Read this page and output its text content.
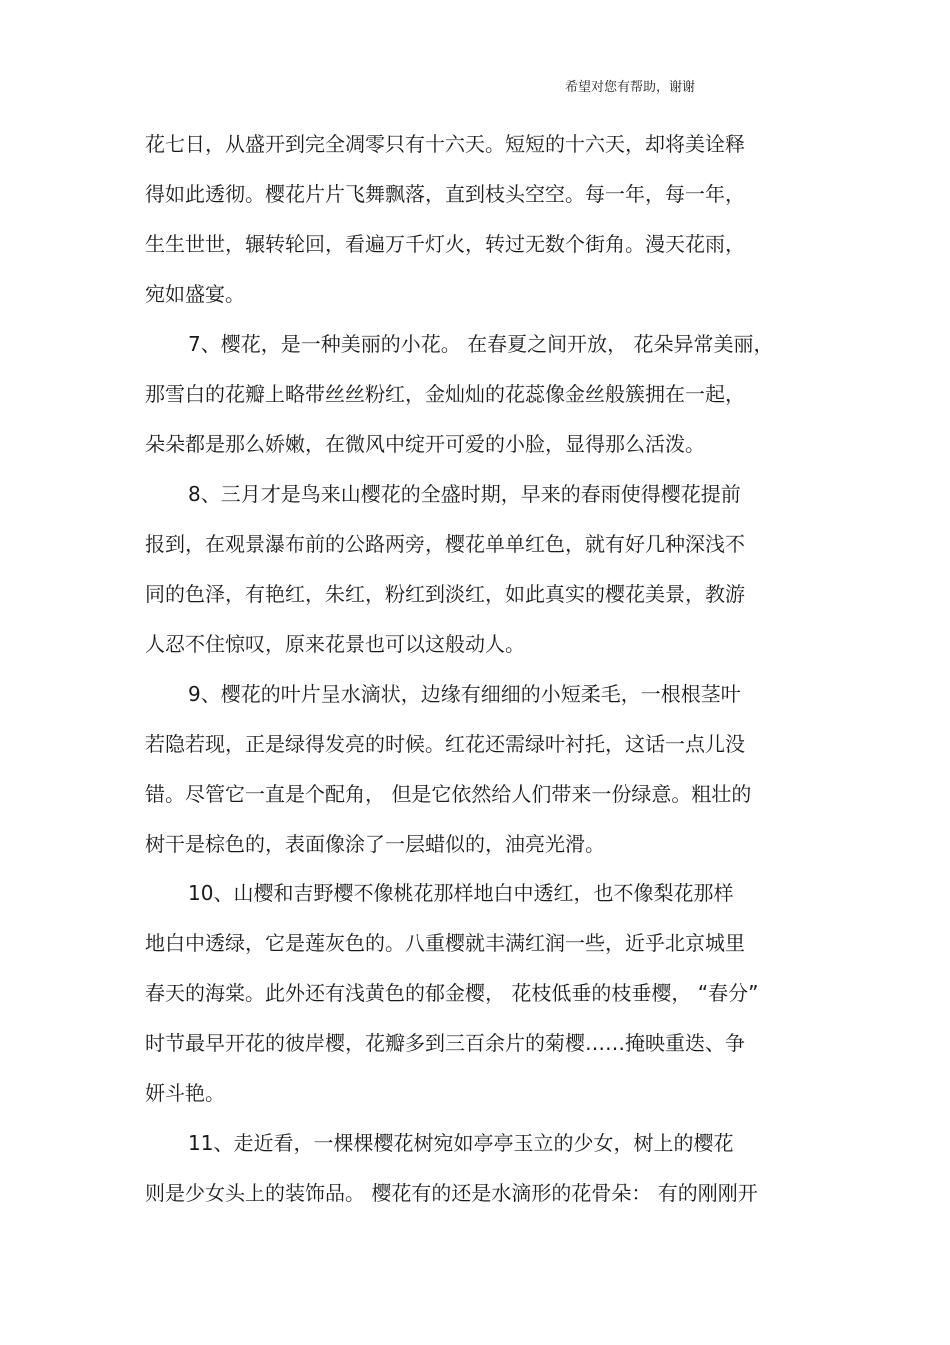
希望对您有帮助，谢谢
花七日，从盛开到完全凋零只有十六天。短短的十六天，却将美诠释
得如此透彻。樱花片片飞舞飘落，直到枝头空空。每一年，每一年，
生生世世，辗转轮回，看遍万千灯火，转过无数个街角。漫天花雨，
宛如盛宴。
7、樱花，是一种美丽的小花。 在春夏之间开放， 花朵异常美丽，
那雪白的花瓣上略带丝丝粉红，金灿灿的花蕊像金丝般簇拥在一起，
朵朵都是那么娇嫩，在微风中绽开可爱的小脸，显得那么活泼。
8、三月才是鸟来山樱花的全盛时期，早来的春雨使得樱花提前
报到，在观景瀑布前的公路两旁，樱花单单红色，就有好几种深浅不
同的色泽，有艳红，朱红，粉红到淡红，如此真实的樱花美景，教游
人忍不住惊叹，原来花景也可以这般动人。
9、樱花的叶片呈水滴状，边缘有细细的小短柔毛，一根根茎叶
若隐若现，正是绿得发亮的时候。红花还需绿叶衬托，这话一点儿没
错。尽管它一直是个配角， 但是它依然给人们带来一份绿意。粗壮的
树干是棕色的，表面像涂了一层蜡似的，油亮光滑。
10、山樱和吉野樱不像桃花那样地白中透红，也不像梨花那样
地白中透绿，它是莲灰色的。八重樱就丰满红润一些，近乎北京城里
春天的海棠。此外还有浅黄色的郁金樱， 花枝低垂的枝垂樱， “春分”
时节最早开花的彼岸樱，花瓣多到三百余片的菊樱……掩映重迭、争
妍斗艳。
11、走近看，一棵棵樱花树宛如亭亭玉立的少女，树上的樱花
则是少女头上的装饰品。 樱花有的还是水滴形的花骨朵： 有的刚刚开
